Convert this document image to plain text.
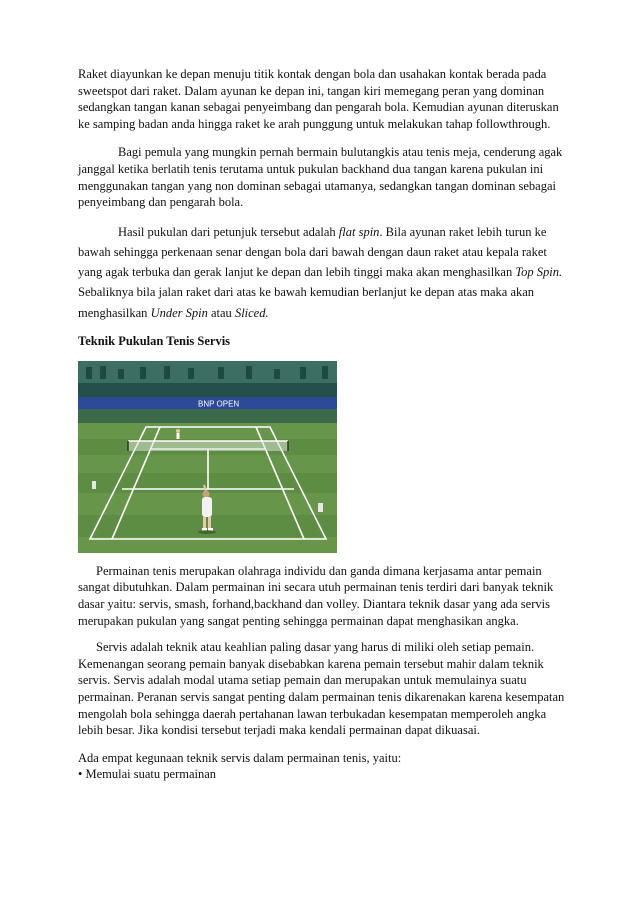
Raket diayunkan ke depan menuju titik kontak dengan bola dan usahakan kontak berada pada sweetspot dari raket. Dalam ayunan ke depan ini, tangan kiri memegang peran yang dominan sedangkan tangan kanan sebagai penyeimbang dan pengarah bola. Kemudian ayunan diteruskan ke samping badan anda hingga raket ke arah punggung untuk melakukan tahap followthrough.

Bagi pemula yang mungkin pernah bermain bulutangkis atau tenis meja, cenderung agak janggal ketika berlatih tenis terutama untuk pukulan backhand dua tangan karena pukulan ini menggunakan tangan yang non dominan sebagai utamanya, sedangkan tangan dominan sebagai penyeimbang dan pengarah bola.

Hasil pukulan dari petunjuk tersebut adalah flat spin. Bila ayunan raket lebih turun ke bawah sehingga perkenaan senar dengan bola dari bawah dengan daun raket atau kepala raket yang agak terbuka dan gerak lanjut ke depan dan lebih tinggi maka akan menghasilkan Top Spin. Sebaliknya bila jalan raket dari atas ke bawah kemudian berlanjut ke depan atas maka akan menghasilkan Under Spin atau Sliced.

Teknik Pukulan Tenis Servis

BNP OPEN

Permainan tenis merupakan olahraga individu dan ganda dimana kerjasama antar pemain sangat dibutuhkan. Dalam permainan ini secara utuh permainan tenis terdiri dari banyak teknik dasar yaitu: servis, smash, forhand,backhand dan volley. Diantara teknik dasar yang ada servis merupakan pukulan yang sangat penting sehingga permainan dapat menghasikan angka.

Servis adalah teknik atau keahlian paling dasar yang harus di miliki oleh setiap pemain. Kemenangan seorang pemain banyak disebabkan karena pemain tersebut mahir dalam teknik servis. Servis adalah modal utama setiap pemain dan merupakan untuk memulainya suatu permainan. Peranan servis sangat penting dalam permainan tenis dikarenakan karena kesempatan mengolah bola sehingga daerah pertahanan lawan terbukadan kesempatan memperoleh angka lebih besar. Jika kondisi tersebut terjadi maka kendali permainan dapat dikuasai.

Ada empat kegunaan teknik servis dalam permainan tenis, yaitu:

• Memulai suatu permainan
